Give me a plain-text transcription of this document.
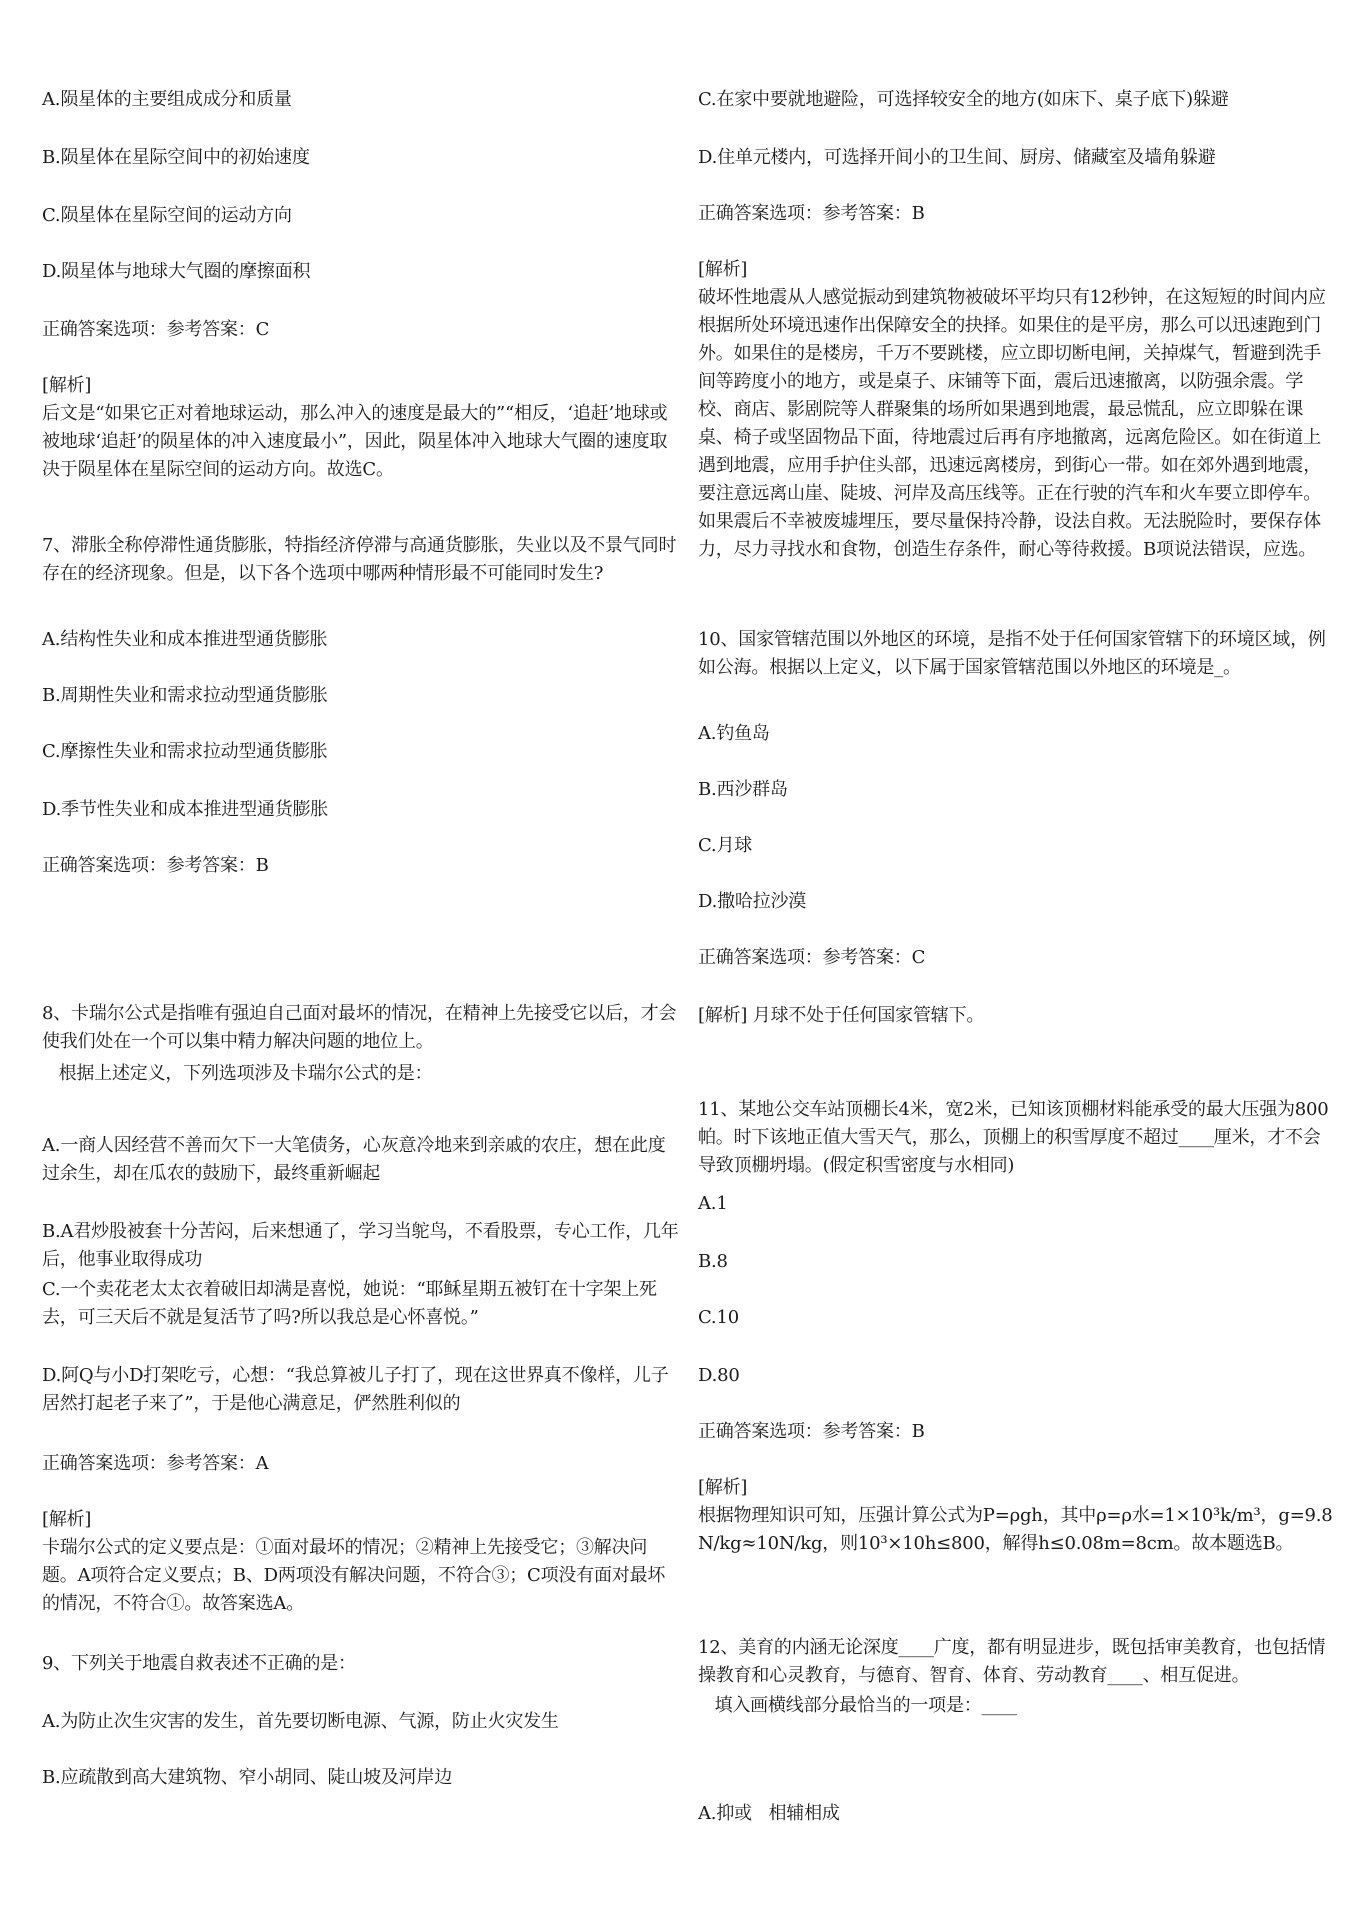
A.陨星体的主要组成成分和质量

B.陨星体在星际空间中的初始速度

C.陨星体在星际空间的运动方向

D.陨星体与地球大气圈的摩擦面积

正确答案选项：参考答案：C

[解析]

后文是“如果它正对着地球运动，那么冲入的速度是最大的”“相反，‘追赶’地球或被地球‘追赶’的陨星体的冲入速度最小”，因此，陨星体冲入地球大气圈的速度取决于陨星体在星际空间的运动方向。故选C。

7、滞胀全称停滞性通货膨胀，特指经济停滞与高通货膨胀，失业以及不景气同时存在的经济现象。但是，以下各个选项中哪两种情形最不可能同时发生?

A.结构性失业和成本推进型通货膨胀

B.周期性失业和需求拉动型通货膨胀

C.摩擦性失业和需求拉动型通货膨胀

D.季节性失业和成本推进型通货膨胀

正确答案选项：参考答案：B

8、卡瑞尔公式是指唯有强迫自己面对最坏的情况，在精神上先接受它以后，才会使我们处在一个可以集中精力解决问题的地位上。

根据上述定义，下列选项涉及卡瑞尔公式的是：

A.一商人因经营不善而欠下一大笔债务，心灰意冷地来到亲戚的农庄，想在此度过余生，却在瓜农的鼓励下，最终重新崛起

B.A君炒股被套十分苦闷，后来想通了，学习当鸵鸟，不看股票，专心工作，几年后，他事业取得成功

C.一个卖花老太太衣着破旧却满是喜悦，她说：“耶稣星期五被钉在十字架上死去，可三天后不就是复活节了吗?所以我总是心怀喜悦。”

D.阿Q与小D打架吃亏，心想：“我总算被儿子打了，现在这世界真不像样，儿子居然打起老子来了”，于是他心满意足，俨然胜利似的

正确答案选项：参考答案：A

[解析]

卡瑞尔公式的定义要点是：①面对最坏的情况；②精神上先接受它；③解决问题。A项符合定义要点；B、D两项没有解决问题，不符合③；C项没有面对最坏的情况，不符合①。故答案选A。

9、下列关于地震自救表述不正确的是：

A.为防止次生灾害的发生，首先要切断电源、气源，防止火灾发生

B.应疏散到高大建筑物、窄小胡同、陡山坡及河岸边

C.在家中要就地避险，可选择较安全的地方(如床下、桌子底下)躲避

D.住单元楼内，可选择开间小的卫生间、厨房、储藏室及墙角躲避

正确答案选项：参考答案：B

[解析]

破坏性地震从人感觉振动到建筑物被破坏平均只有12秒钟，在这短短的时间内应根据所处环境迅速作出保障安全的抉择。如果住的是平房，那么可以迅速跑到门外。如果住的是楼房，千万不要跳楼，应立即切断电闸，关掉煤气，暂避到洗手间等跨度小的地方，或是桌子、床铺等下面，震后迅速撤离，以防强余震。学校、商店、影剧院等人群聚集的场所如果遇到地震，最忌慌乱，应立即躲在课桌、椅子或坚固物品下面，待地震过后再有序地撤离，远离危险区。如在街道上遇到地震，应用手护住头部，迅速远离楼房，到街心一带。如在郊外遇到地震，要注意远离山崖、陡坡、河岸及高压线等。正在行驶的汽车和火车要立即停车。如果震后不幸被废墟埋压，要尽量保持冷静，设法自救。无法脱险时，要保存体力，尽力寻找水和食物，创造生存条件，耐心等待救援。B项说法错误，应选。

10、国家管辖范围以外地区的环境，是指不处于任何国家管辖下的环境区域，例如公海。根据以上定义，以下属于国家管辖范围以外地区的环境是_。

A.钓鱼岛

B.西沙群岛

C.月球

D.撒哈拉沙漠

正确答案选项：参考答案：C

[解析] 月球不处于任何国家管辖下。

11、某地公交车站顶棚长4米，宽2米，已知该顶棚材料能承受的最大压强为800帕。时下该地正值大雪天气，那么，顶棚上的积雪厚度不超过____厘米，才不会导致顶棚坍塌。(假定积雪密度与水相同)

A.1

B.8

C.10

D.80

正确答案选项：参考答案：B

[解析]

根据物理知识可知，压强计算公式为P=ρgh，其中ρ=ρ水=1×10³k/m³，g=9.8N/kg≈10N/kg，则10³×10h≤800，解得h≤0.08m=8cm。故本题选B。

12、美育的内涵无论深度____广度，都有明显进步，既包括审美教育，也包括情操教育和心灵教育，与德育、智育、体育、劳动教育____、相互促进。

填入画横线部分最恰当的一项是：____

A.抑或   相辅相成
